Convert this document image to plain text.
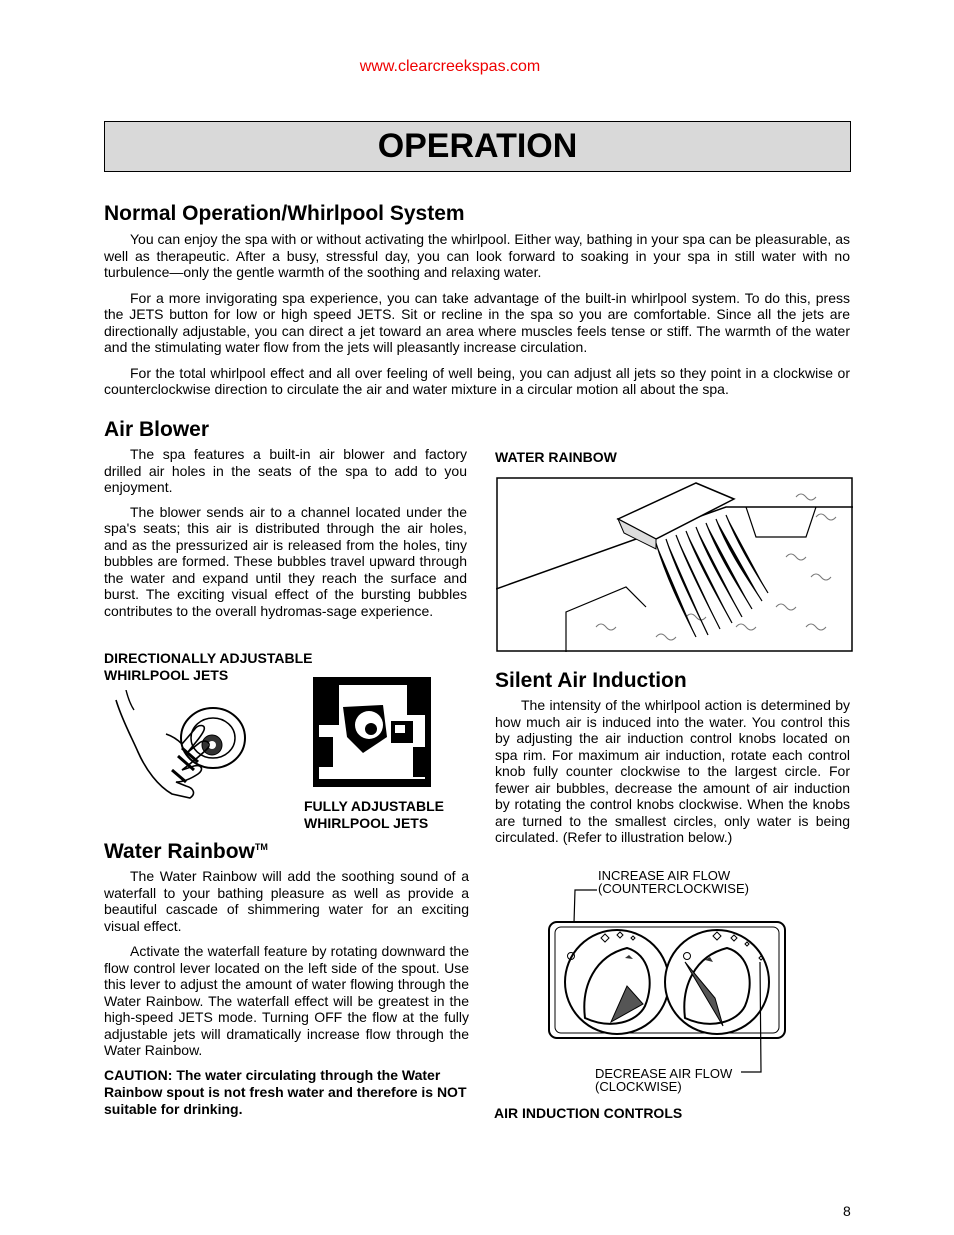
www.clearcreekspas.com
OPERATION
Normal Operation/Whirlpool System

You can enjoy the spa with or without activating the whirlpool. Either way, bathing in your spa can be pleasurable, as well as therapeutic. After a busy, stressful day, you can look forward to soaking in your spa in still water with no turbulence—only the gentle warmth of the soothing and relaxing water.

For a more invigorating spa experience, you can take advantage of the built-in whirlpool system. To do this, press the JETS button for low or high speed JETS. Sit or recline in the spa so you are comfortable. Since all the jets are directionally adjustable, you can direct a jet toward an area where muscles feels tense or stiff. The warmth of the water and the stimulating water flow from the jets will pleasantly increase circulation.

For the total whirlpool effect and all over feeling of well being, you can adjust all jets so they point in a clockwise or counterclockwise direction to circulate the air and water mixture in a circular motion all about the spa.

Air Blower

The spa features a built-in air blower and factory drilled air holes in the seats of the spa to add to you enjoyment.

The blower sends air to a channel located under the spa's seats; this air is distributed through the air holes, and as the pressurized air is released from the holes, tiny bubbles are formed. These bubbles travel upward through the water and expand until they reach the surface and burst. The exciting visual effect of the bursting bubbles contributes to the overall hydromas-sage experience.

DIRECTIONALLY ADJUSTABLE
WHIRLPOOL JETS
FULLY ADJUSTABLE
WHIRLPOOL JETS
Water Rainbow™

The Water Rainbow will add the soothing sound of a waterfall to your bathing pleasure as well as provide a beautiful cascade of shimmering water for an exciting visual effect.

Activate the waterfall feature by rotating downward the flow control lever located on the left side of the spout. Use this lever to adjust the amount of water flowing through the Water Rainbow. The waterfall effect will be greatest in the high-speed JETS mode. Turning OFF the flow at the fully adjustable jets will dramatically increase flow through the Water Rainbow.

CAUTION: The water circulating through the Water Rainbow spout is not fresh water and therefore is NOT suitable for drinking.
WATER RAINBOW
Silent Air Induction

The intensity of the whirlpool action is determined by how much air is induced into the water. You control this by adjusting the air induction control knobs located on spa rim. For maximum air induction, rotate each control knob fully counter clockwise to the largest circle. For fewer air bubbles, decrease the amount of air induction by rotating the control knobs clockwise. When the knobs are turned to the smallest circles, only water is being circulated. (Refer to illustration below.)

INCREASE AIR FLOW
(COUNTERCLOCKWISE)
DECREASE AIR FLOW
(CLOCKWISE)
AIR INDUCTION CONTROLS
8
